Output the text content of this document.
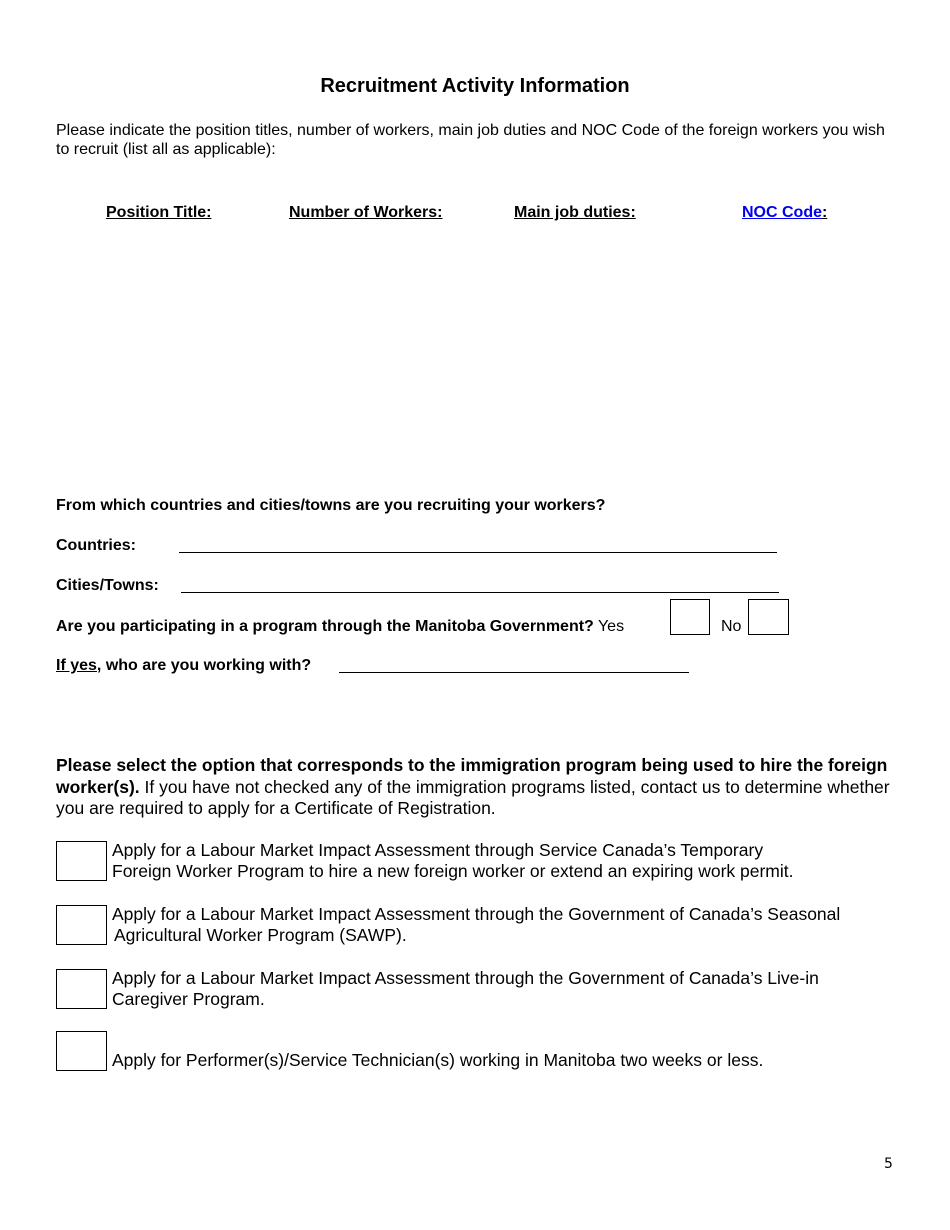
Recruitment Activity Information
Please indicate the position titles, number of workers, main job duties and NOC Code of the foreign workers you wish to recruit (list all as applicable):
Position Title:	Number of Workers:	Main job duties:	NOC Code:
From which countries and cities/towns are you recruiting your workers?
Countries:
Cities/Towns:
Are you participating in a program through the Manitoba Government? Yes	No
If yes, who are you working with?
Please select the option that corresponds to the immigration program being used to hire the foreign worker(s). If you have not checked any of the immigration programs listed, contact us to determine whether you are required to apply for a Certificate of Registration.
Apply for a Labour Market Impact Assessment through Service Canada’s Temporary
Foreign Worker Program to hire a new foreign worker or extend an expiring work permit.
Apply for a Labour Market Impact Assessment through the Government of Canada’s Seasonal
Agricultural Worker Program (SAWP).
Apply for a Labour Market Impact Assessment through the Government of Canada’s Live-in
Caregiver Program.
Apply for Performer(s)/Service Technician(s) working in Manitoba two weeks or less.
5
